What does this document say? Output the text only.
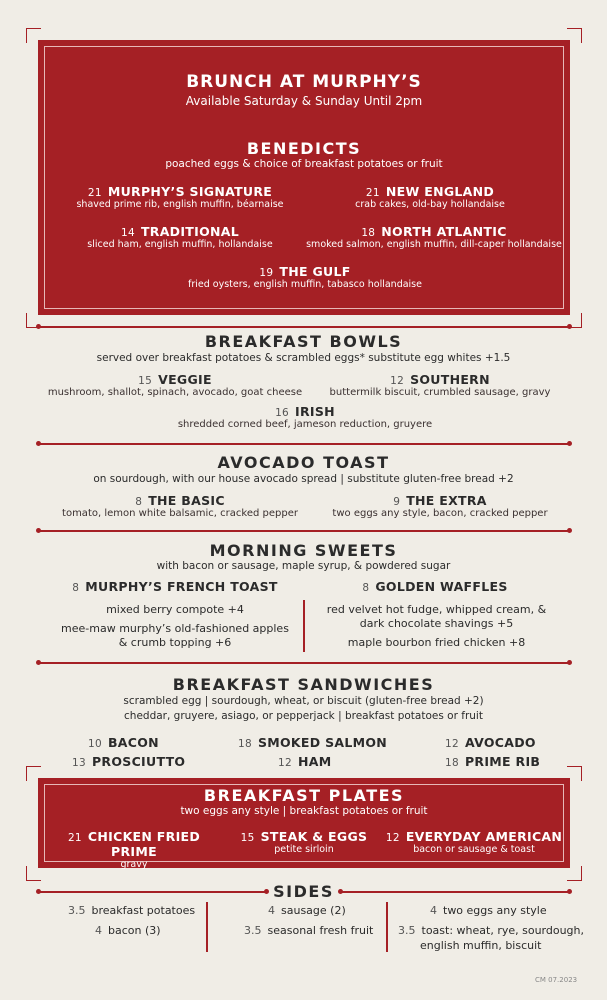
BRUNCH AT MURPHY’S
Available Saturday & Sunday Until 2pm
BENEDICTS
poached eggs & choice of breakfast potatoes or fruit
21 MURPHY’S SIGNATURE
shaved prime rib, english muffin, béarnaise
21 NEW ENGLAND
crab cakes, old-bay hollandaise
14 TRADITIONAL
sliced ham, english muffin, hollandaise
18 NORTH ATLANTIC
smoked salmon, english muffin, dill-caper hollandaise
19 THE GULF
fried oysters, english muffin, tabasco hollandaise
BREAKFAST BOWLS
served over breakfast potatoes & scrambled eggs* substitute egg whites +1.5
15 VEGGIE
mushroom, shallot, spinach, avocado, goat cheese
12 SOUTHERN
buttermilk biscuit, crumbled sausage, gravy
16 IRISH
shredded corned beef, jameson reduction, gruyere
AVOCADO TOAST
on sourdough, with our house avocado spread | substitute gluten-free bread +2
8 THE BASIC
tomato, lemon white balsamic, cracked pepper
9 THE EXTRA
two eggs any style, bacon, cracked pepper
MORNING SWEETS
with bacon or sausage, maple syrup, & powdered sugar
8 MURPHY’S FRENCH TOAST	8 GOLDEN WAFFLES
mixed berry compote +4
mee-maw murphy’s old-fashioned apples
& crumb topping +6
red velvet hot fudge, whipped cream, &
dark chocolate shavings +5
maple bourbon fried chicken +8
BREAKFAST SANDWICHES
scrambled egg | sourdough, wheat, or biscuit (gluten-free bread +2)
cheddar, gruyere, asiago, or pepperjack | breakfast potatoes or fruit
10 BACON	18 SMOKED SALMON	12 AVOCADO
13 PROSCIUTTO	12 HAM	18 PRIME RIB
BREAKFAST PLATES
two eggs any style | breakfast potatoes or fruit
21 CHICKEN FRIED PRIME
gravy
15 STEAK & EGGS
petite sirloin
12 EVERYDAY AMERICAN
bacon or sausage & toast
SIDES
3.5 breakfast potatoes
4 bacon (3)
4 sausage (2)
3.5 seasonal fresh fruit
4 two eggs any style
3.5 toast: wheat, rye, sourdough,
english muffin, biscuit
CM 07.2023
